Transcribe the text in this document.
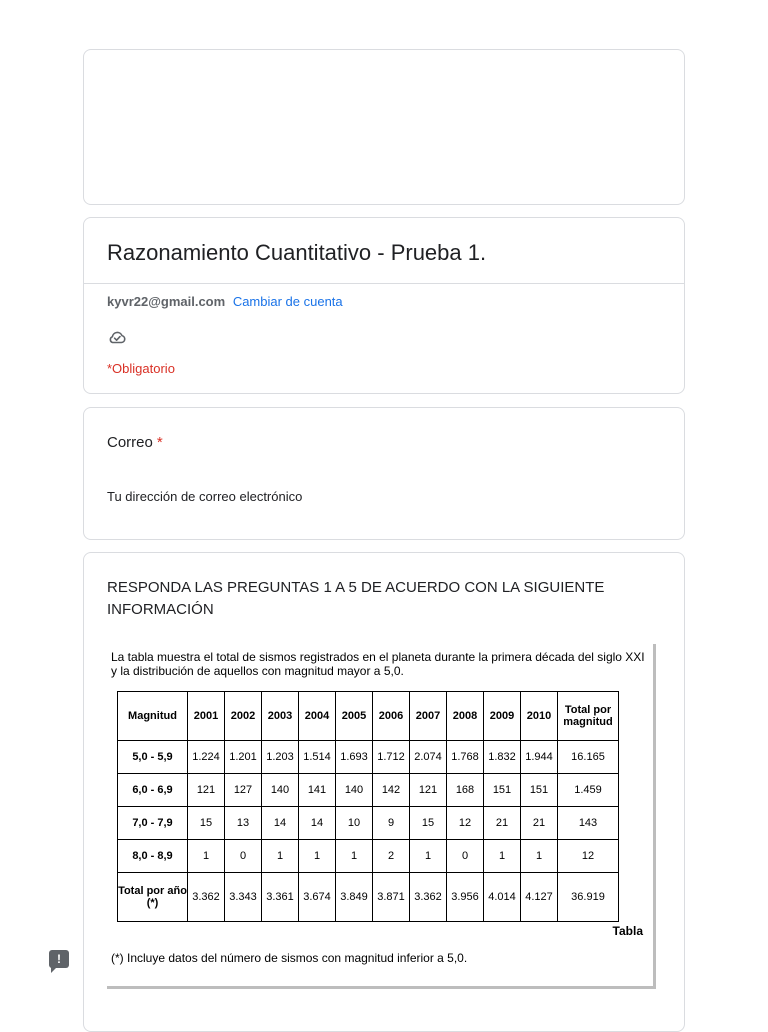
Razonamiento Cuantitativo - Prueba 1.
kyvr22@gmail.com Cambiar de cuenta
*Obligatorio
Correo *
Tu dirección de correo electrónico
RESPONDA LAS PREGUNTAS 1 A 5 DE ACUERDO CON LA SIGUIENTE INFORMACIÓN
La tabla muestra el total de sismos registrados en el planeta durante la primera década del siglo XXI y la distribución de aquellos con magnitud mayor a 5,0.
Magnitud	2001	2002	2003	2004	2005	2006	2007	2008	2009	2010	Total por magnitud
5,0 - 5,9	1.224	1.201	1.203	1.514	1.693	1.712	2.074	1.768	1.832	1.944	16.165
6,0 - 6,9	121	127	140	141	140	142	121	168	151	151	1.459
7,0 - 7,9	15	13	14	14	10	9	15	12	21	21	143
8,0 - 8,9	1	0	1	1	1	2	1	0	1	1	12
Total por año (*)	3.362	3.343	3.361	3.674	3.849	3.871	3.362	3.956	4.014	4.127	36.919
Tabla
(*) Incluye datos del número de sismos con magnitud inferior a 5,0.
!
